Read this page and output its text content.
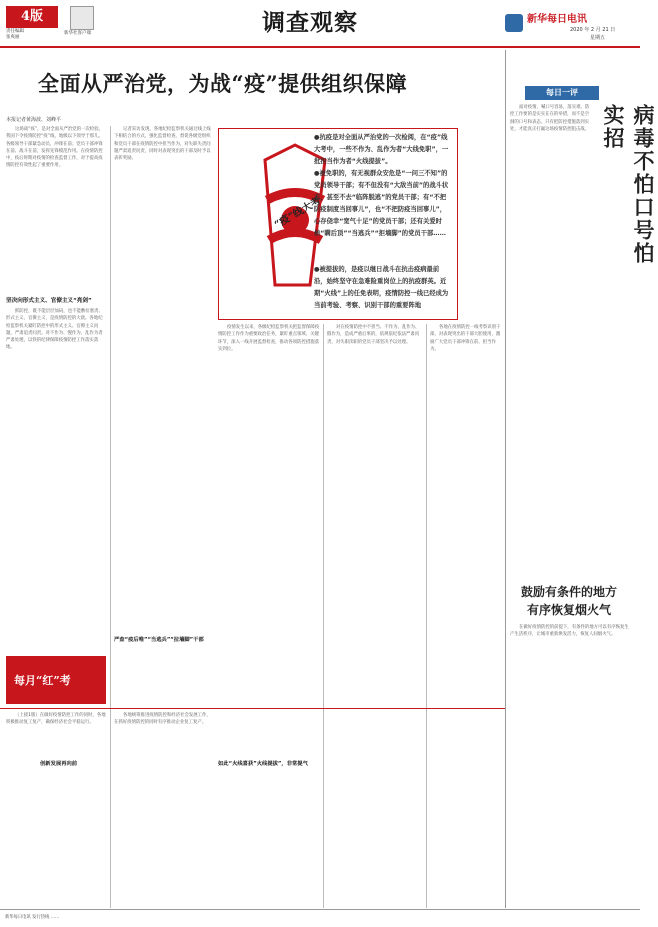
4版
责任编辑
张爽丽
新华社客户端	调查观察	新华每日电讯
2020 年 2 月 21 日
星期五
全面从严治党，为战“疫”提供组织保障
本报记者黄海波、刘峰平
这场战“疫”，是对全面从严治党的一次检验。我国下令疫情防控“疫”线，地级以下领导于那儿。各级领导干部紧急动员，冲锋在前；党员干部冲锋在前、战斗在前，发挥先锋模范作用。在疫情防控中，疫后时期对疫情的检查监督工作，对于提高疫情防控有效性起了重要作用。
坚决向形式主义、官僚主义“亮剑”
抓防控，既不能层层加码，也不能敷衍塞责。形式主义、官僚主义，是疫情防控的大敌。各地纪检监察机关紧盯防控中的形式主义、官僚主义问题，严肃追责问责。对不作为、慢作为、乱作为者严肃处理，以铁的纪律保障疫情防控工作落实落地。
记者采访发现，各地纪检监察机关通过线上线下相结合的方式，强化监督检查，督促各级党组织和党员干部在疫情防控中担当作为，对失职失责问题严肃追责问责，同时对表现突出的干部及时予以表彰奖励。
“疫”线大考
●抗疫是对全面从严治党的一次检阅，在“疫”线大考中，一些不作为、乱作为者“大线免职”，一批担当作为者“火线提拔”。
●被免职的，有无视群众安危是“一问三不知”的党员领导干部；有不但没有“大敌当前”的战斗状态，甚至不去“临阵脱逃”的党员干部；有“不把防疫制度当回事儿”，也“不把防疫当回事儿”，心存侥幸“宽气十足”的党员干部；还有关爱时候“瞒后顶”“当逃兵”“拒墙脚”的党员干部……
●被提拔的，是疫以继日战斗在抗击疫病最前沿，始终坚守在急难险重岗位上的抗疫群英。近期“火线”上的任免表明，疫情防控一线已经成为当前考验、考察、识别干部的重要阵地
疫情发生以来，各级纪检监察机关把监督保障疫情防控工作作为重要政治任务，紧盯重点领域、关键环节，深入一线开展监督检查，推动各项防控措施落实到位。
对在疫情防控中不担当、不作为、乱作为、假作为，造成严重后果的，依规依纪依法严肃问责，对失职渎职的党员干部坚决予以处理。
各地在疫情防控一线考察识别干部，对表现突出的干部大胆使用，激励广大党员干部冲锋在前、担当作为。
严查“疫后唯”“当逃兵”“拉墙脚”干部
如此“火线喜获”火线提拔”，非常提气
每日一评
病毒不怕口号怕实招
面对疫情，喊口号容易，落实难。防控工作要的是实实在在的举措，而不是空洞的口号和表态。只有把防控措施落到实处，才能真正打赢这场疫情防控阻击战。
鼓励有条件的地方
有序恢复烟火气
在做好疫情防控的前提下，有条件的地方可以有序恢复生产生活秩序，让城市重新焕发活力，恢复人间烟火气。
每月“红”考
创新发展再向前
（上接1版）在做好疫情防控工作的同时，各地积极推动复工复产，确保经济社会平稳运行。
各地统筹推进疫情防控和经济社会发展工作，在抓好疫情防控的同时有序推动企业复工复产。
新华每日电讯 发行热线 ……
